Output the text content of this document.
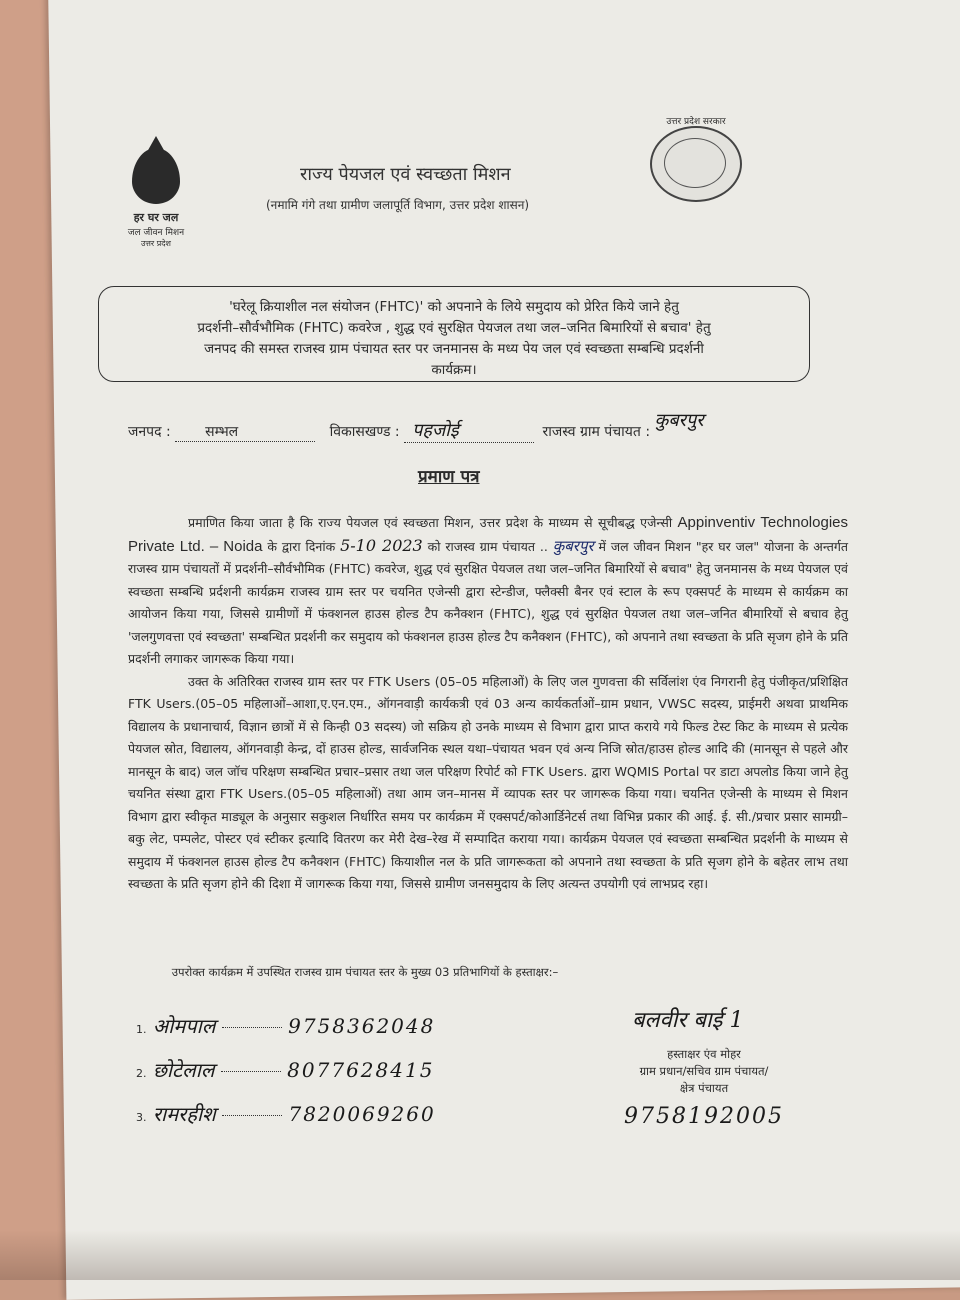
हर घर जल
जल जीवन मिशन
उत्तर प्रदेश
राज्य पेयजल एवं स्वच्छता मिशन
(नमामि गंगे तथा ग्रामीण जलापूर्ति विभाग, उत्तर प्रदेश शासन)
उत्तर प्रदेश सरकार
'घरेलू क्रियाशील नल संयोजन (FHTC)' को अपनाने के लिये समुदाय को प्रेरित किये जाने हेतु
प्रदर्शनी–सौर्वभौमिक (FHTC) कवरेज , शुद्ध एवं सुरक्षित पेयजल तथा जल–जनित बिमारियों से बचाव' हेतु
जनपद की समस्त राजस्व ग्राम पंचायत स्तर पर जनमानस के मध्य पेय जल एवं स्वच्छता सम्बन्धि प्रदर्शनी
कार्यक्रम।
जनपद : सम्भल	विकासखण्ड : पहजोई	राजस्व ग्राम पंचायत : कुबरपुर
प्रमाण पत्र

प्रमाणित किया जाता है कि राज्य पेयजल एवं स्वच्छता मिशन, उत्तर प्रदेश के माध्यम से सूचीबद्ध एजेन्सी Appinventiv Technologies Private Ltd. – Noida के द्वारा दिनांक 5-10 2023 को राजस्व ग्राम पंचायत .. कुबरपुर में जल जीवन मिशन "हर घर जल" योजना के अन्तर्गत राजस्व ग्राम पंचायतों में प्रदर्शनी–सौर्वभौमिक (FHTC) कवरेज, शुद्ध एवं सुरक्षित पेयजल तथा जल–जनित बिमारियों से बचाव" हेतु जनमानस के मध्य पेयजल एवं स्वच्छता सम्बन्धि प्रर्दशनी कार्यक्रम राजस्व ग्राम स्तर पर चयनित एजेन्सी द्वारा स्टेन्डीज, फ्लैक्सी बैनर एवं स्टाल के रूप एक्सपर्ट के माध्यम से कार्यक्रम का आयोजन किया गया, जिससे ग्रामीणों में फंक्शनल हाउस होल्ड टैप कनैक्शन (FHTC), शुद्ध एवं सुरक्षित पेयजल तथा जल–जनित बीमारियों से बचाव हेतु 'जलगुणवत्ता एवं स्वच्छता' सम्बन्धित प्रदर्शनी कर समुदाय को फंक्शनल हाउस होल्ड टैप कनैक्शन (FHTC), को अपनाने तथा स्वच्छता के प्रति सृजग होने के प्रति प्रदर्शनी लगाकर जागरूक किया गया।

उक्त के अतिरिक्त राजस्व ग्राम स्तर पर FTK Users (05–05 महिलाओं) के लिए जल गुणवत्ता की सर्विलांश एंव निगरानी हेतु पंजीकृत/प्रशिक्षित FTK Users.(05–05 महिलाओं–आशा,ए.एन.एम., ऑगनवाड़ी कार्यकत्री एवं 03 अन्य कार्यकर्ताओं–ग्राम प्रधान, VWSC सदस्य, प्राईमरी अथवा प्राथमिक विद्यालय के प्रधानाचार्य, विज्ञान छात्रों में से किन्ही 03 सदस्य) जो सक्रिय हो उनके माध्यम से विभाग द्वारा प्राप्त कराये गये फिल्ड टेस्ट किट के माध्यम से प्रत्येक पेयजल स्रोत, विद्यालय, ऑगनवाड़ी केन्द्र, दों हाउस होल्ड, सार्वजनिक स्थल यथा–पंचायत भवन एवं अन्य निजि स्रोत/हाउस होल्ड आदि की (मानसून से पहले और मानसून के बाद) जल जॉच परिक्षण सम्बन्धित प्रचार–प्रसार तथा जल परिक्षण रिपोर्ट को FTK Users. द्वारा WQMIS Portal पर डाटा अपलोड किया जाने हेतु चयनित संस्था द्वारा FTK Users.(05–05 महिलाओं) तथा आम जन–मानस में व्यापक स्तर पर जागरूक किया गया। चयनित एजेन्सी के माध्यम से मिशन विभाग द्वारा स्वीकृत माड्यूल के अनुसार सकुशल निर्धारित समय पर कार्यक्रम में एक्सपर्ट/कोआर्डिनेटर्स तथा विभिन्न प्रकार की आई. ई. सी./प्रचार प्रसार सामग्री–बकु लेट, पम्पलेट, पोस्टर एवं स्टीकर इत्यादि वितरण कर मेरी देख–रेख में सम्पादित कराया गया। कार्यक्रम पेयजल एवं स्वच्छता सम्बन्धित प्रदर्शनी के माध्यम से समुदाय में फंक्शनल हाउस होल्ड टैप कनैक्शन (FHTC) कियाशील नल के प्रति जागरूकता को अपनाने तथा स्वच्छता के प्रति सृजग होने के बहेतर लाभ तथा स्वच्छता के प्रति सृजग होने की दिशा में जागरूक किया गया, जिससे ग्रामीण जनसमुदाय के लिए अत्यन्त उपयोगी एवं लाभप्रद रहा।

उपरोक्त कार्यक्रम में उपस्थित राजस्व ग्राम पंचायत स्तर के मुख्य 03 प्रतिभागियों के हस्ताक्षर:–
1. ओमपाल	9758362048
2. छोटेलाल	8077628415
3. रामरहीश	7820069260
बलवीर बाई 1
हस्ताक्षर एंव मोहर
ग्राम प्रधान/सचिव ग्राम पंचायत/
क्षेत्र पंचायत
9758192005
